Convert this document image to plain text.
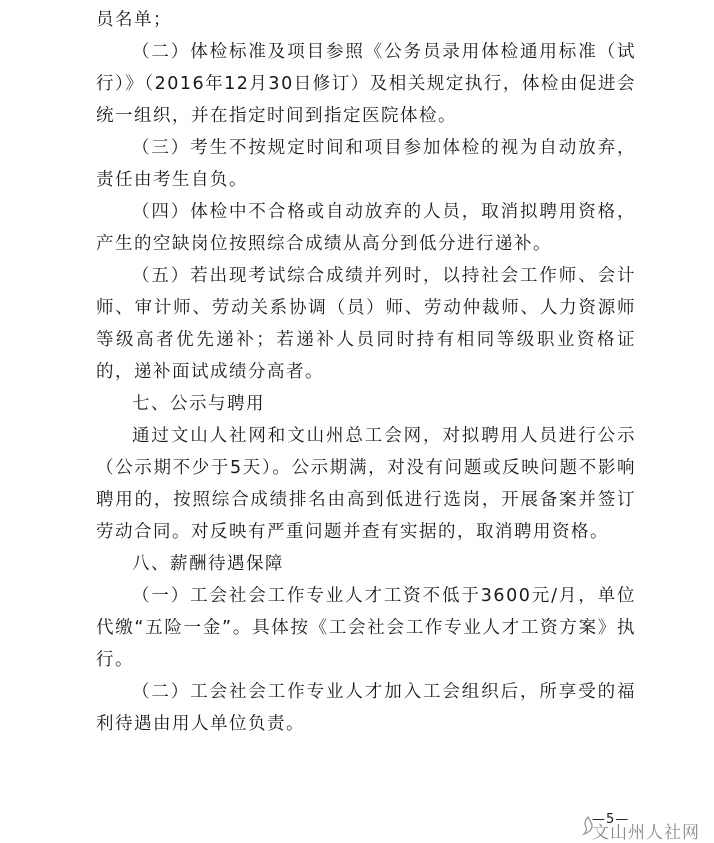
员名单；

（二）体检标准及项目参照《公务员录用体检通用标准（试行）》（2016年12月30日修订）及相关规定执行，体检由促进会统一组织，并在指定时间到指定医院体检。

（三）考生不按规定时间和项目参加体检的视为自动放弃，责任由考生自负。

（四）体检中不合格或自动放弃的人员，取消拟聘用资格，产生的空缺岗位按照综合成绩从高分到低分进行递补。

（五）若出现考试综合成绩并列时，以持社会工作师、会计师、审计师、劳动关系协调（员）师、劳动仲裁师、人力资源师等级高者优先递补；若递补人员同时持有相同等级职业资格证的，递补面试成绩分高者。

七、公示与聘用

通过文山人社网和文山州总工会网，对拟聘用人员进行公示（公示期不少于5天）。公示期满，对没有问题或反映问题不影响聘用的，按照综合成绩排名由高到低进行选岗，开展备案并签订劳动合同。对反映有严重问题并查有实据的，取消聘用资格。

八、薪酬待遇保障

（一）工会社会工作专业人才工资不低于3600元/月，单位代缴“五险一金”。具体按《工会社会工作专业人才工资方案》执行。

（二）工会社会工作专业人才加入工会组织后，所享受的福利待遇由用人单位负责。

—5—
文山州人社网
